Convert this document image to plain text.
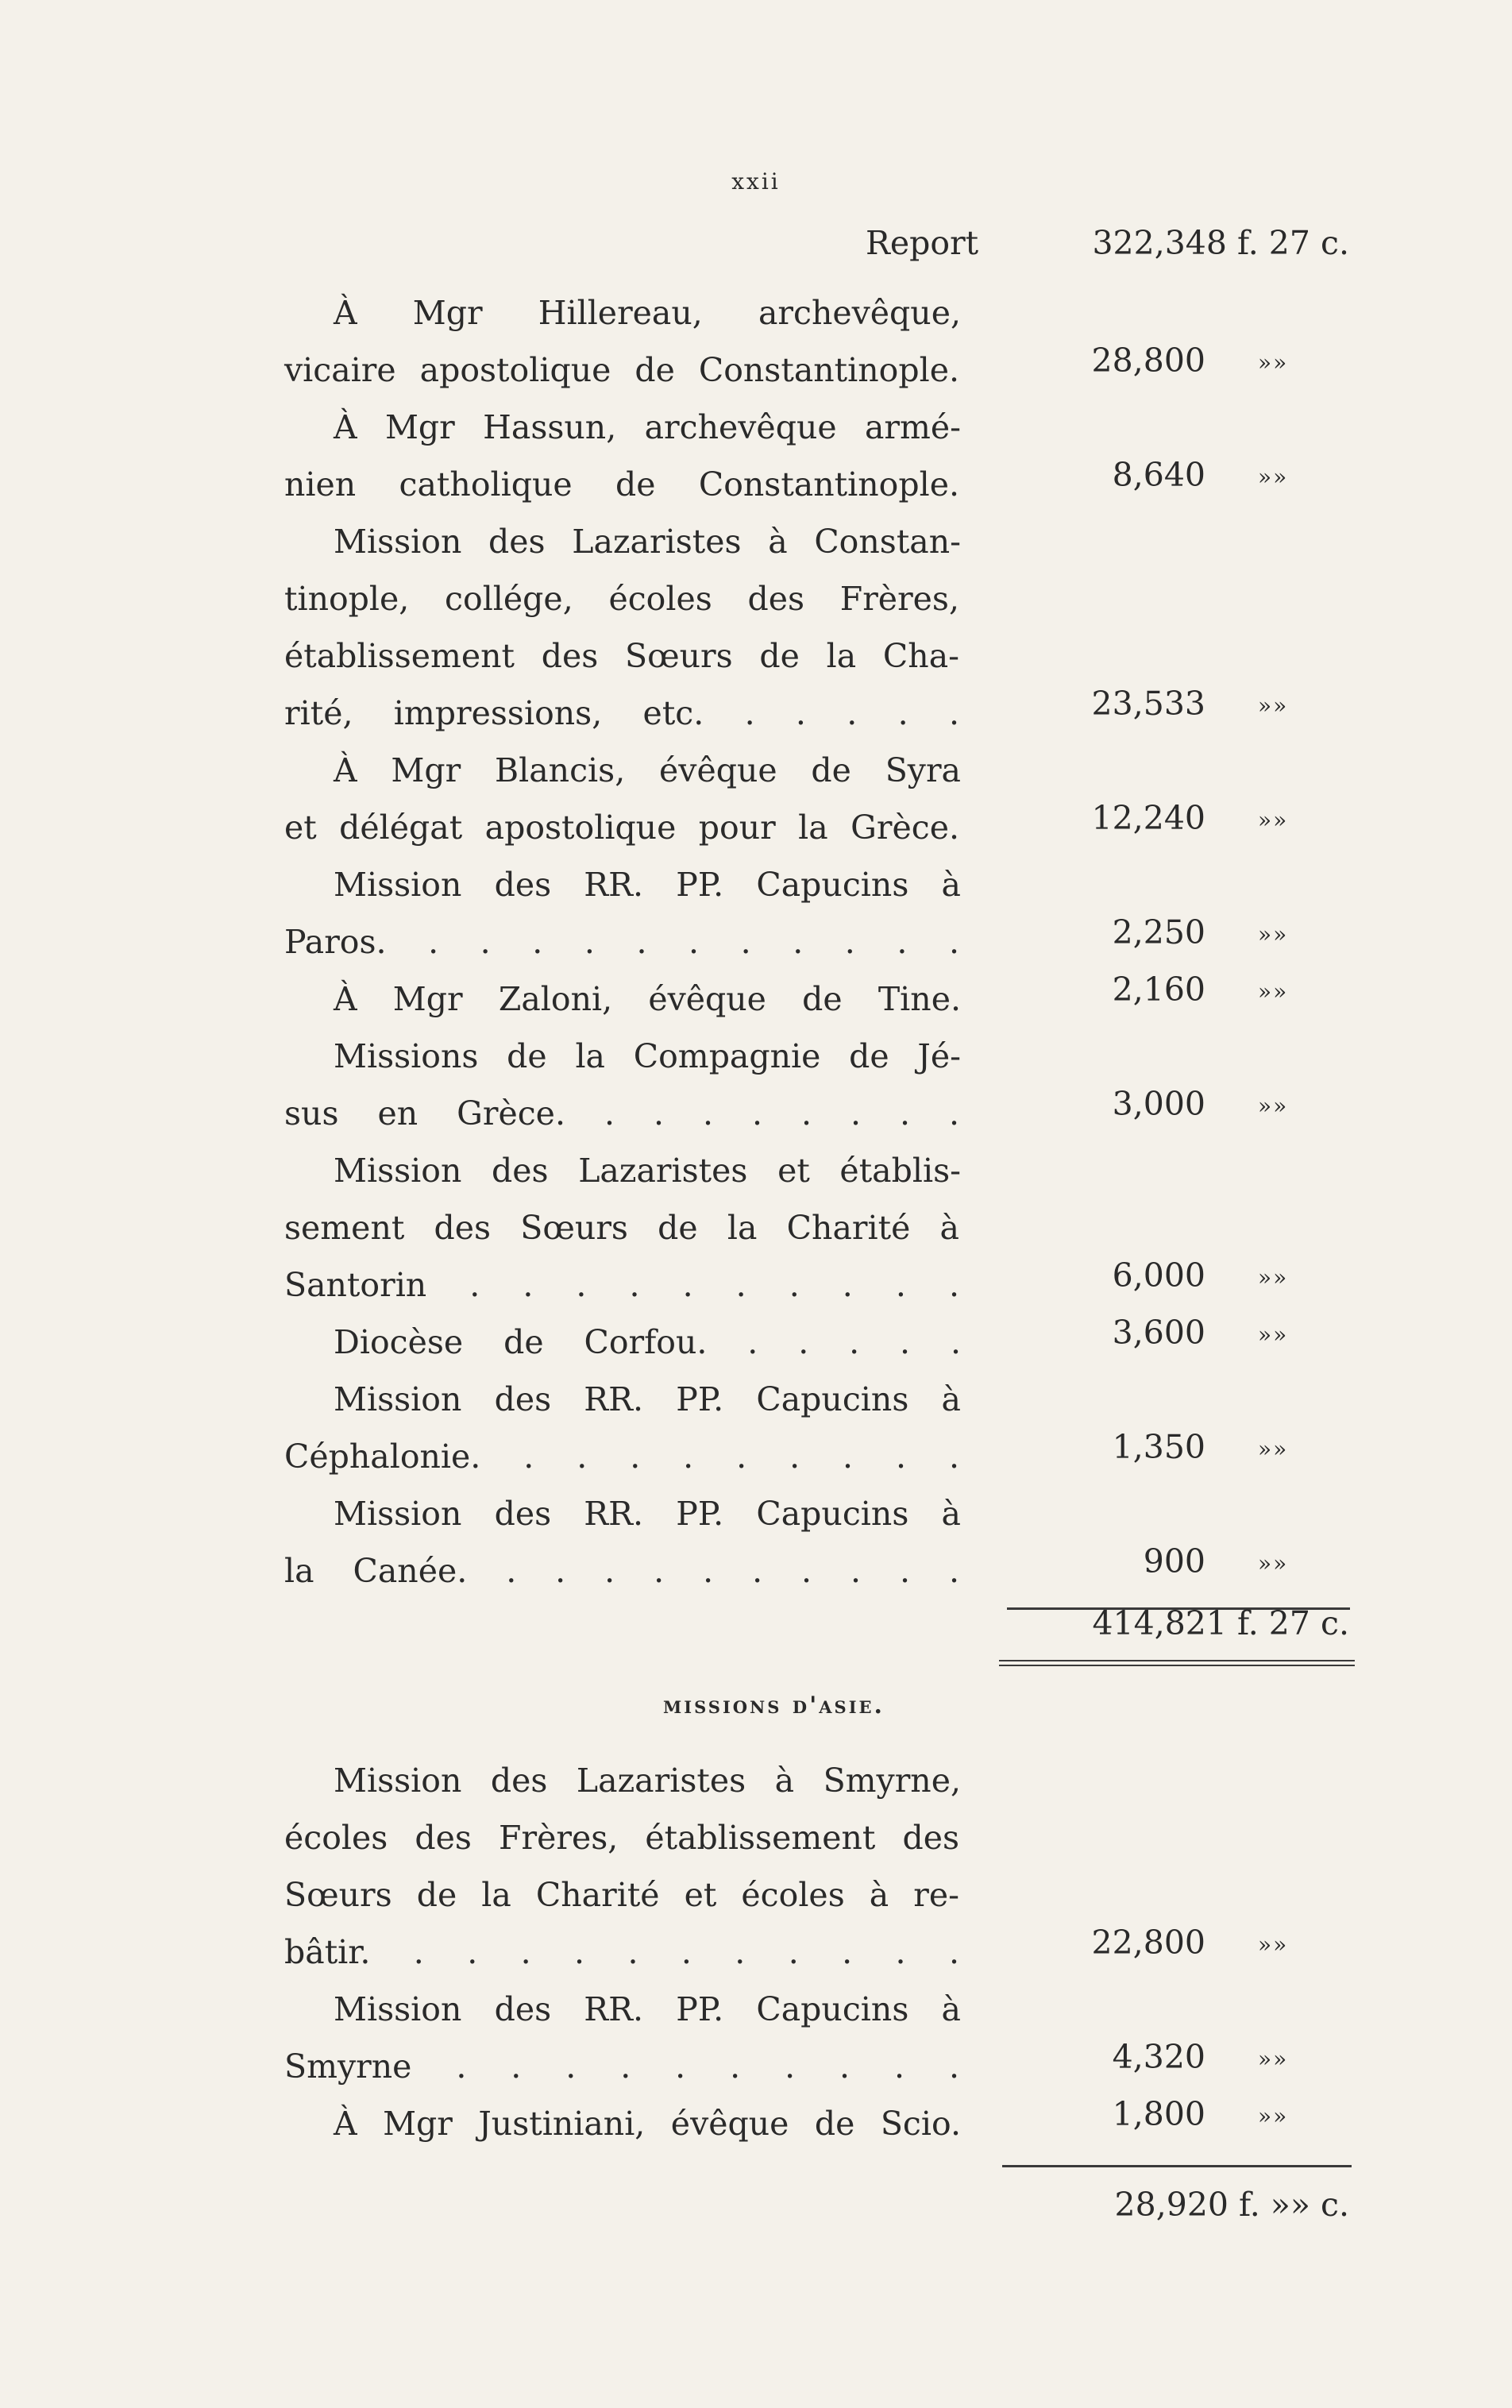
xxii
Report	322,348 f. 27 c.
À Mgr Hillereau, archevêque,
vicaire apostolique de Constantinople.	28,800 »»
À Mgr Hassun, archevêque armé-
nien catholique de Constantinople.	8,640 »»
Mission des Lazaristes à Constan-
tinople, collége, écoles des Frères,
établissement des Sœurs de la Cha-
rité, impressions, etc. . . . . .	23,533 »»
À Mgr Blancis, évêque de Syra
et délégat apostolique pour la Grèce.	12,240 »»
Mission des RR. PP. Capucins à
Paros. . . . . . . . . . . .	2,250 »»
À Mgr Zaloni, évêque de Tine.	2,160 »»
Missions de la Compagnie de Jé-
sus en Grèce. . . . . . . . .	3,000 »»
Mission des Lazaristes et établis-
sement des Sœurs de la Charité à
Santorin . . . . . . . . . .	6,000 »»
Diocèse de Corfou. . . . . .	3,600 »»
Mission des RR. PP. Capucins à
Céphalonie. . . . . . . . . .	1,350 »»
Mission des RR. PP. Capucins à
la Canée. . . . . . . . . . .	900 »»
414,821 f. 27 c.
missions d'asie.
Mission des Lazaristes à Smyrne,
écoles des Frères, établissement des
Sœurs de la Charité et écoles à re-
bâtir. . . . . . . . . . . .	22,800 »»
Mission des RR. PP. Capucins à
Smyrne . . . . . . . . . .	4,320 »»
À Mgr Justiniani, évêque de Scio.	1,800 »»
28,920 f. »» c.
